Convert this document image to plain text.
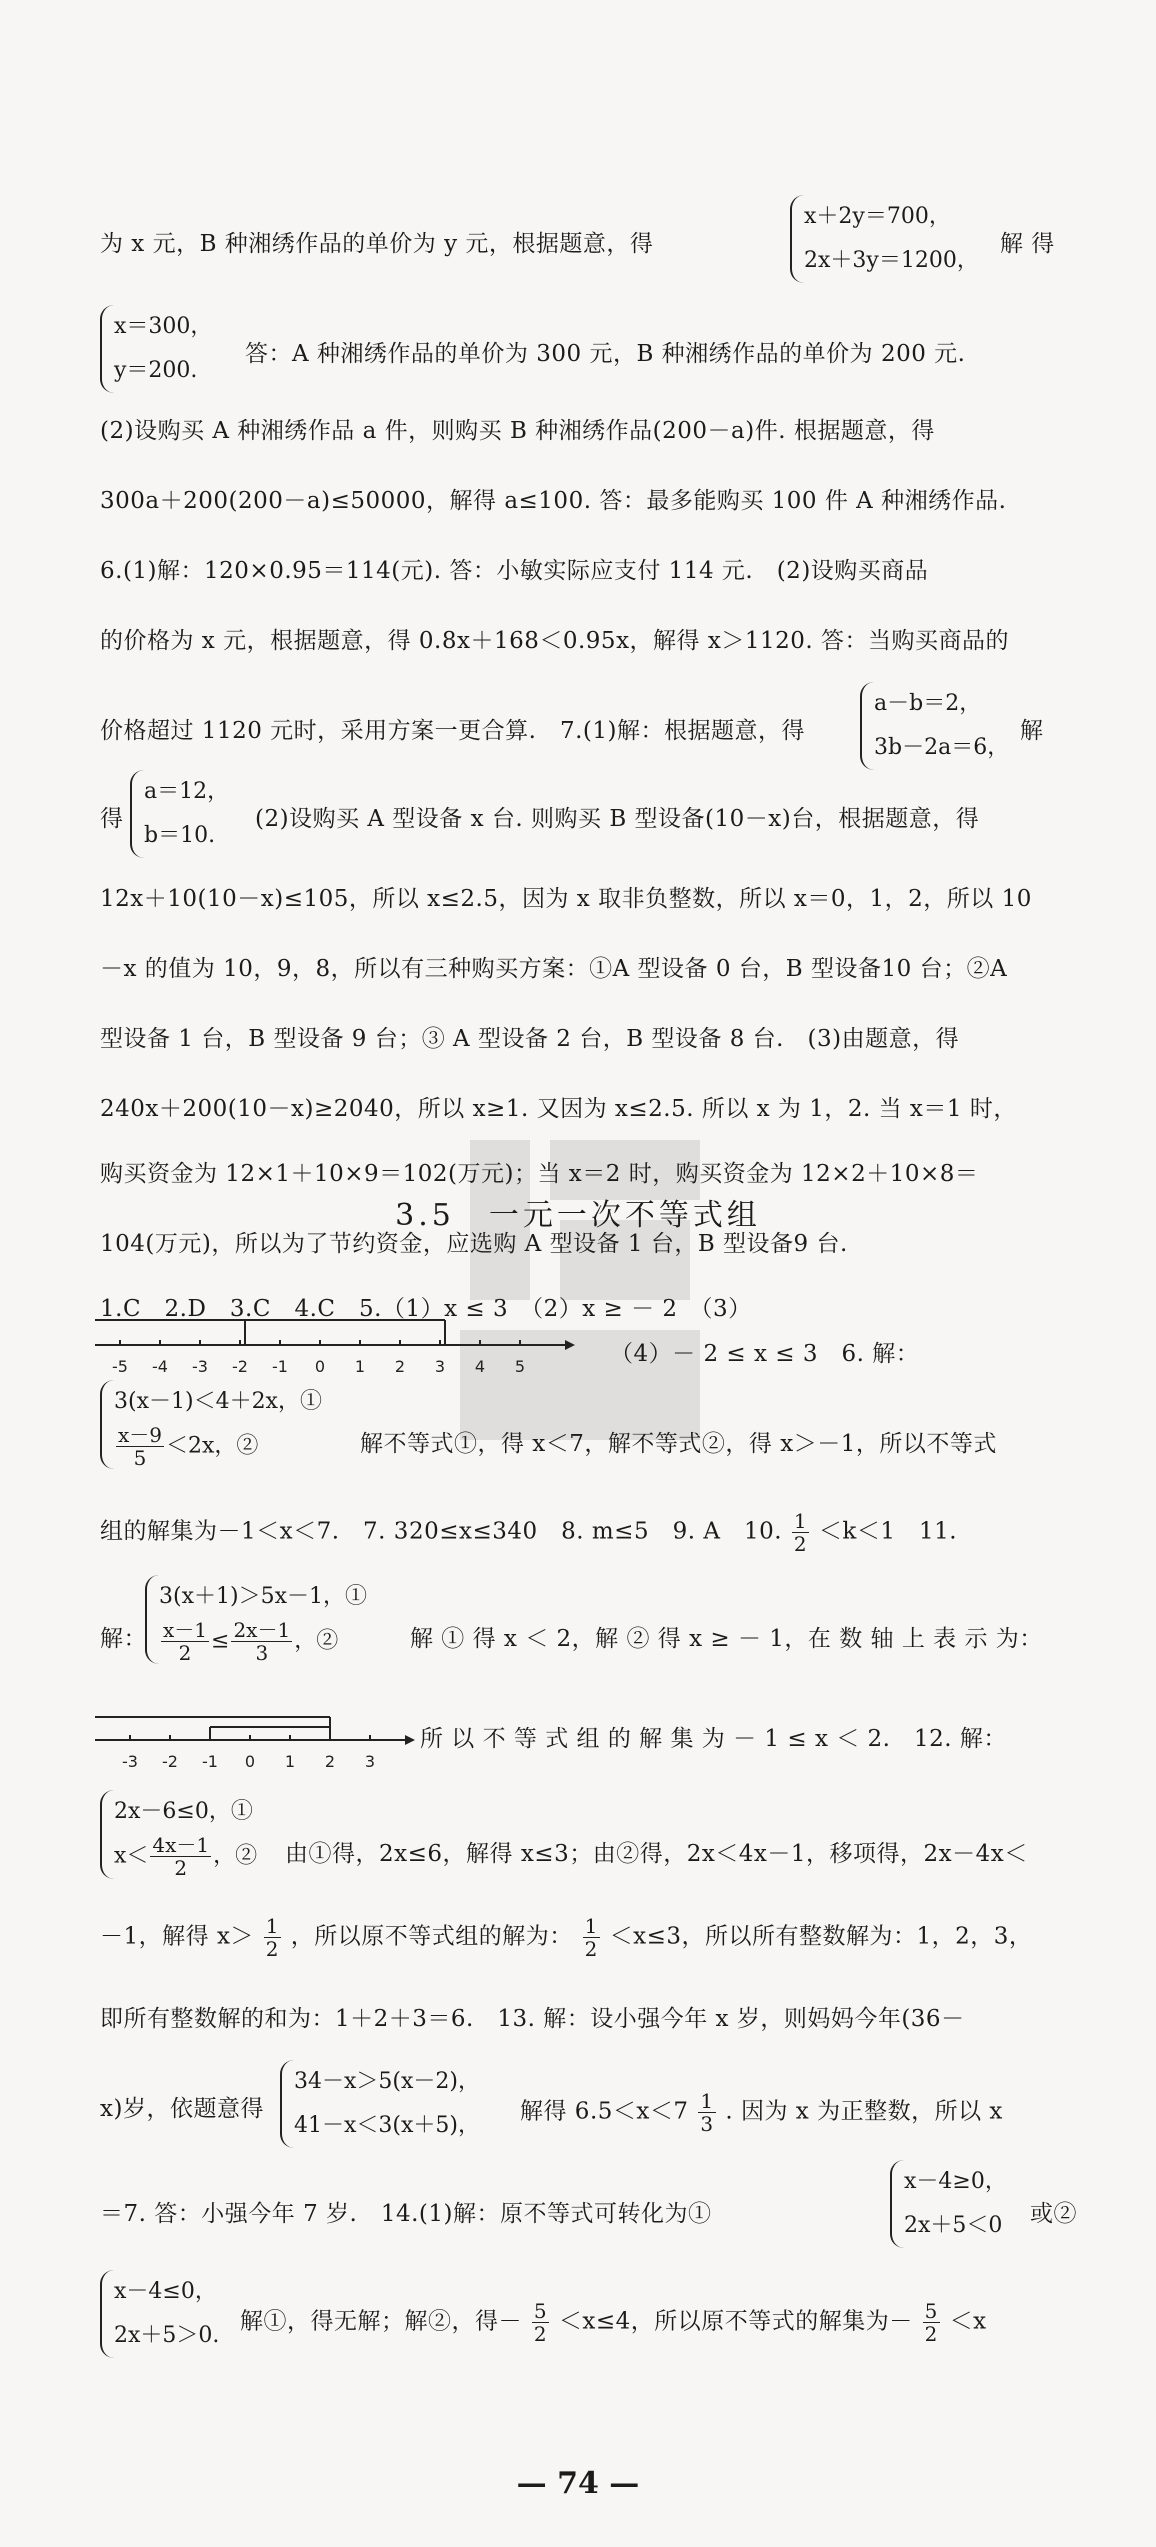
为 x 元，B 种湘绣作品的单价为 y 元，根据题意，得
x＋2y＝700，
2x＋3y＝1200，
解 得
x＝300，
y＝200.
答：A 种湘绣作品的单价为 300 元，B 种湘绣作品的单价为 200 元.
(2)设购买 A 种湘绣作品 a 件，则购买 B 种湘绣作品(200－a)件. 根据题意，得
300a＋200(200－a)≤50000，解得 a≤100. 答：最多能购买 100 件 A 种湘绣作品.
6.(1)解：120×0.95＝114(元). 答：小敏实际应支付 114 元.　(2)设购买商品
的价格为 x 元，根据题意，得 0.8x＋168＜0.95x，解得 x＞1120. 答：当购买商品的
价格超过 1120 元时，采用方案一更合算.　7.(1)解：根据题意，得
a－b＝2，
3b－2a＝6，
解
得
a＝12，
b＝10.
(2)设购买 A 型设备 x 台. 则购买 B 型设备(10－x)台，根据题意，得
12x＋10(10－x)≤105，所以 x≤2.5，因为 x 取非负整数，所以 x＝0，1，2，所以 10
－x 的值为 10，9，8，所以有三种购买方案：①A 型设备 0 台，B 型设备10 台；②A
型设备 1 台，B 型设备 9 台；③ A 型设备 2 台，B 型设备 8 台.　(3)由题意，得
240x＋200(10－x)≥2040，所以 x≥1. 又因为 x≤2.5. 所以 x 为 1，2. 当 x＝1 时，
购买资金为 12×1＋10×9＝102(万元)；当 x＝2 时，购买资金为 12×2＋10×8＝
104(万元)，所以为了节约资金，应选购 A 型设备 1 台，B 型设备9 台.
3.5　一元一次不等式组
1.C　2.D　3.C　4.C　5.（1）x ≤ 3　（2）x ≥ － 2　（3）
-5 -4 -3 -2 -1 0 1 2 3 4 5	（4）－ 2 ≤ x ≤ 3　6. 解：
3(x－1)＜4＋2x，①
$\frac{x-9}{5} <2x$，②	解不等式①，得 x＜7，解不等式②，得 x＞－1，所以不等式
组的解集为－1＜x＜7.　7. 320≤x≤340　8. m≤5　9. A　10. $\frac{1}{2} <k<1$　11.
解：
3(x＋1)＞5x－1，①
$\frac{x-1}{2} \le \frac{2x-1}{3}$ ，②	解 ① 得 x ＜ 2，解 ② 得 x ≥ － 1，在 数 轴 上 表 示 为：
-3 -2 -1 0 1 2 3
所 以 不 等 式 组 的 解 集 为 － 1 ≤ x ＜ 2.　12. 解：
2x－6≤0，①
$x< \frac{4x-1}{2}$ ，② 由①得，2x≤6，解得 x≤3；由②得，2x＜4x－1，移项得，2x－4x＜
－1，解得 $x> \frac{1}{2}$ ，所以原不等式组的解为： $\frac{1}{2} <x\le 3$，所以所有整数解为：1，2，3，
即所有整数解的和为：1＋2＋3＝6.　13. 解：设小强今年 x 岁，则妈妈今年(36－
x)岁，依题意得
34－x＞5(x－2)，
41－x＜3(x＋5)，
解得 $6.5<x<7 \frac{1}{3}$ . 因为 x 为正整数，所以 x
＝7. 答：小强今年 7 岁.　14.(1)解：原不等式可转化为①
x－4≥0，
2x＋5＜0 或②
x－4≤0，
2x＋5＞0.
解①，得无解；解②，得－ $\frac{5}{2} <x\le 4$，所以原不等式的解集为－ $\frac{5}{2} <x$
— 74 —
